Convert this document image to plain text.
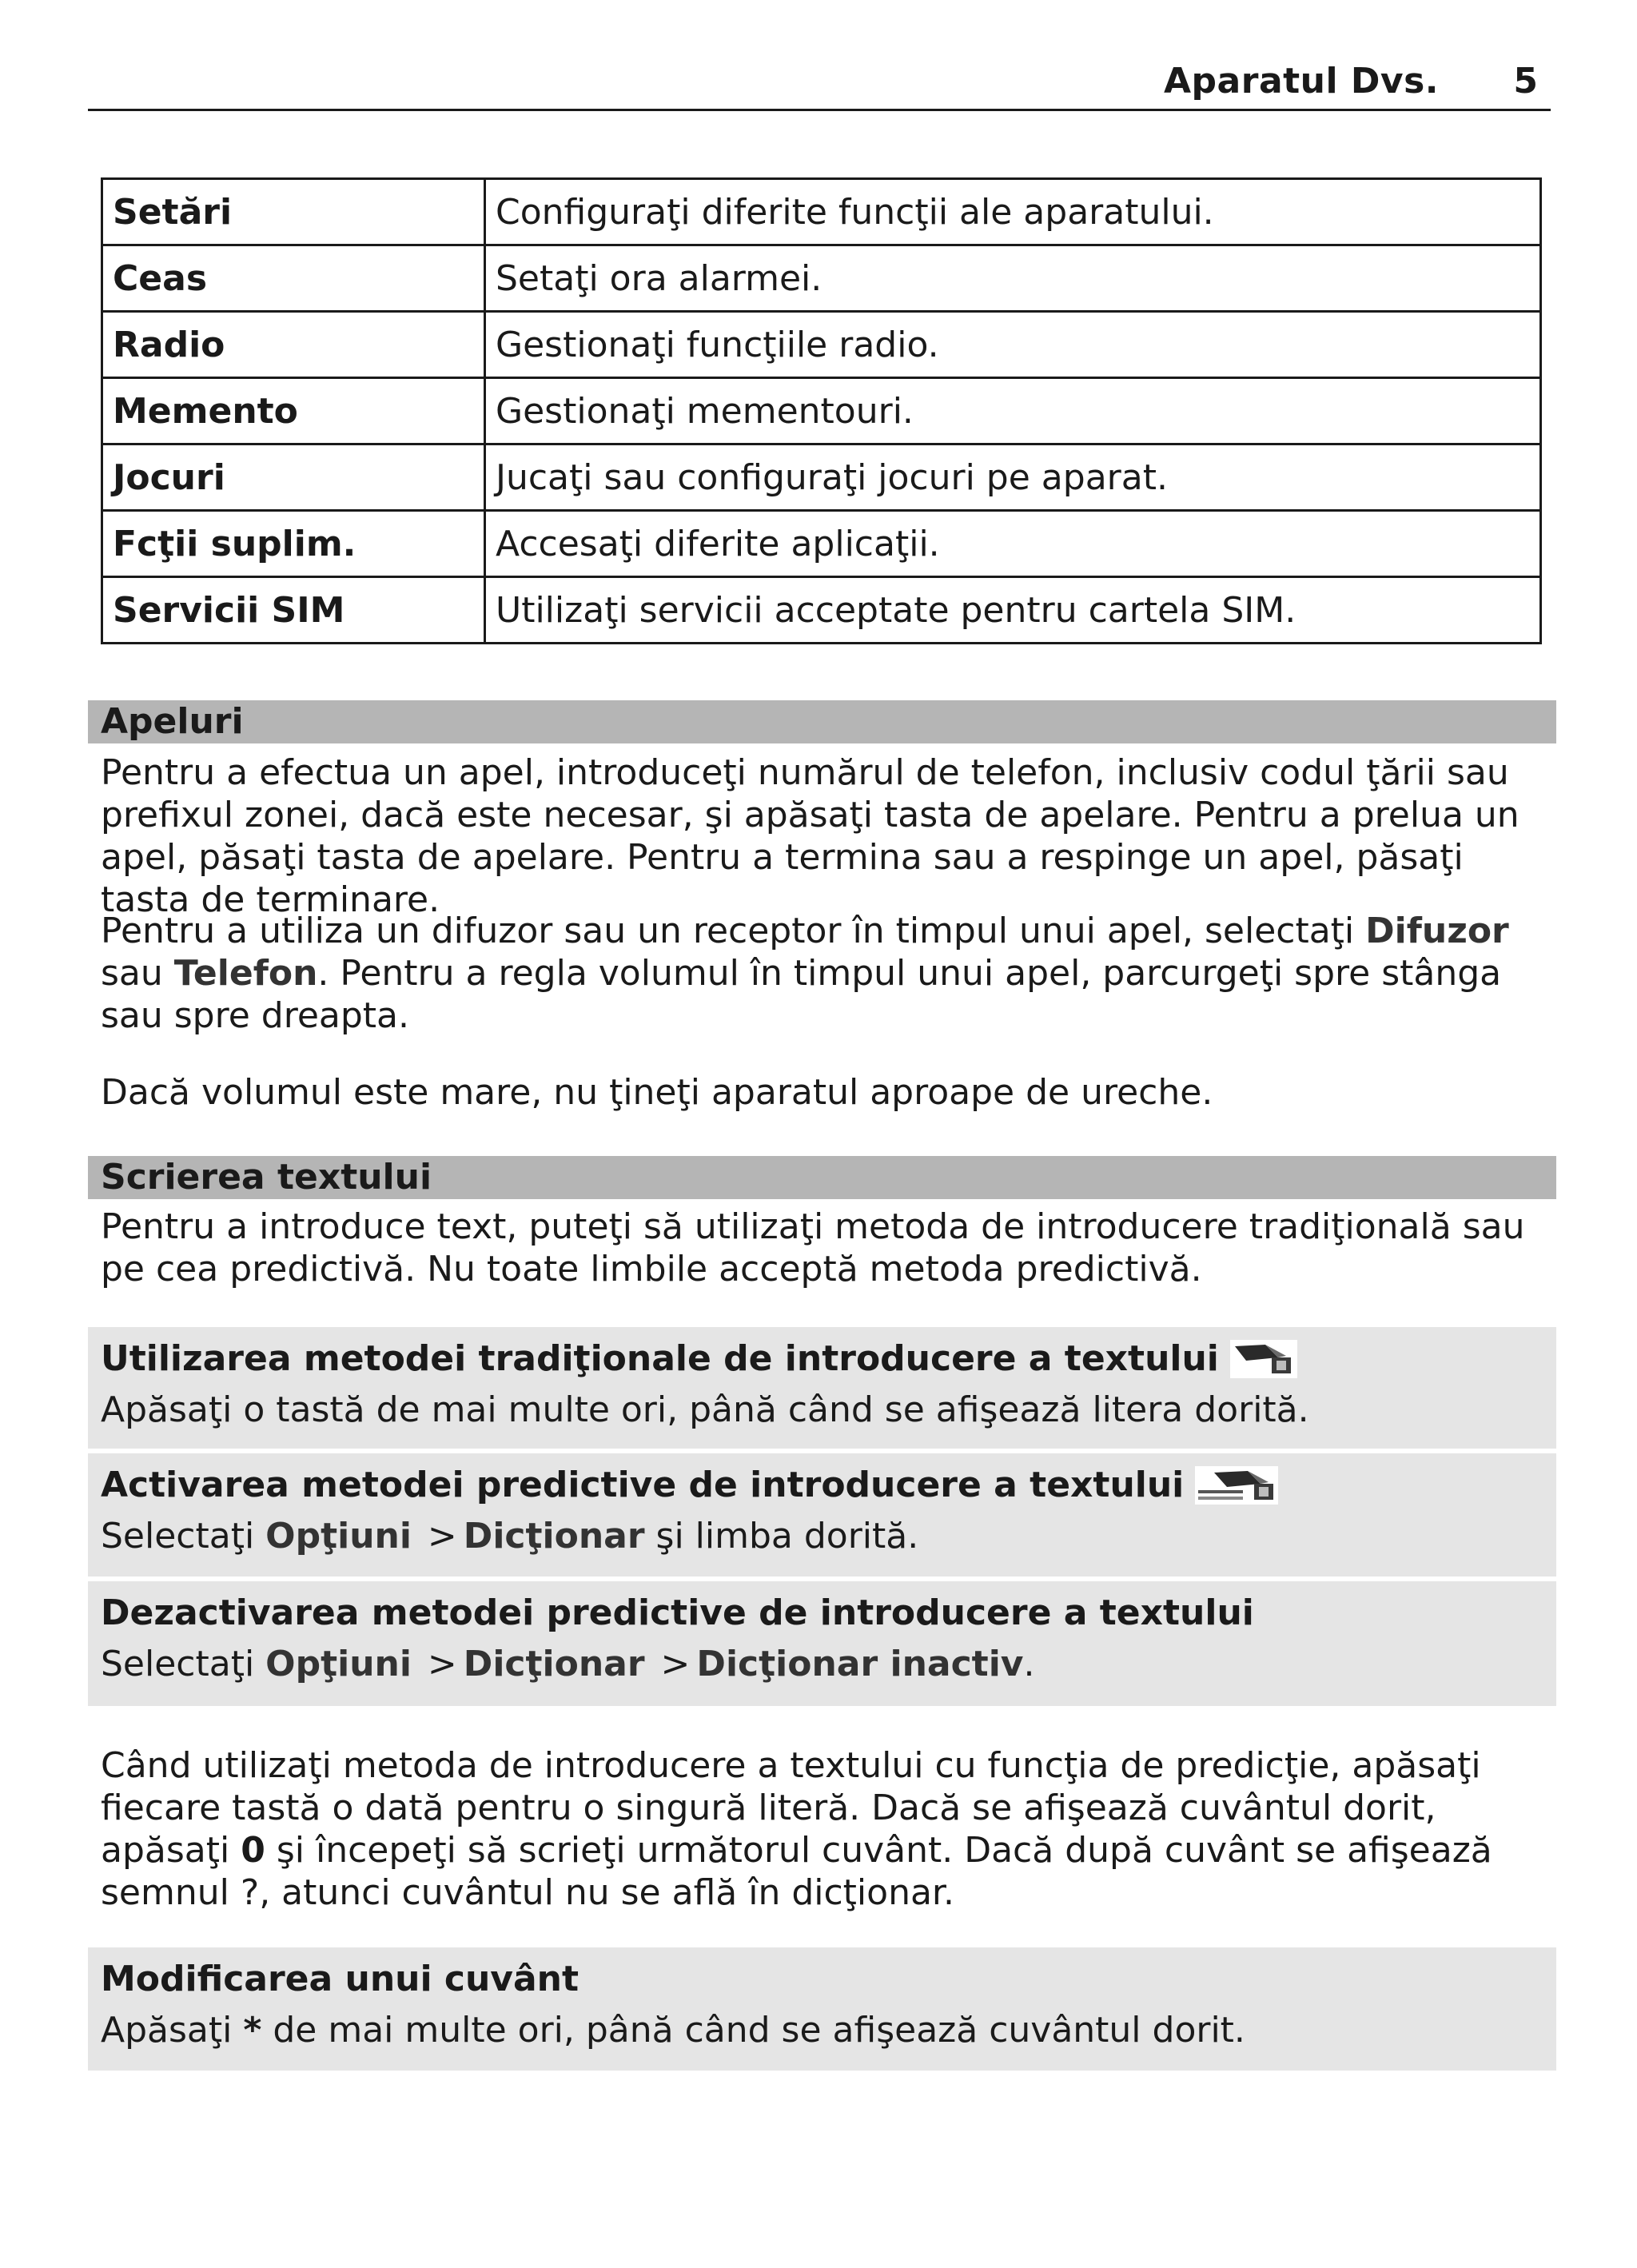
Aparatul Dvs. 5
Setări	Configuraţi diferite funcţii ale aparatului.
Ceas	Setaţi ora alarmei.
Radio	Gestionaţi funcţiile radio.
Memento	Gestionaţi mementouri.
Jocuri	Jucaţi sau configuraţi jocuri pe aparat.
Fcţii suplim.	Accesaţi diferite aplicaţii.
Servicii SIM	Utilizaţi servicii acceptate pentru cartela SIM.
Apeluri

Pentru a efectua un apel, introduceţi numărul de telefon, inclusiv codul ţării sau prefixul zonei, dacă este necesar, şi apăsaţi tasta de apelare. Pentru a prelua un apel, păsaţi tasta de apelare. Pentru a termina sau a respinge un apel, păsaţi tasta de terminare.

Pentru a utiliza un difuzor sau un receptor în timpul unui apel, selectaţi Difuzor sau Telefon. Pentru a regla volumul în timpul unui apel, parcurgeţi spre stânga sau spre dreapta.

Dacă volumul este mare, nu ţineţi aparatul aproape de ureche.

Scrierea textului

Pentru a introduce text, puteţi să utilizaţi metoda de introducere tradiţională sau pe cea predictivă. Nu toate limbile acceptă metoda predictivă.

Utilizarea metodei tradiţionale de introducere a textului
Apăsaţi o tastă de mai multe ori, până când se afişează litera dorită.
Activarea metodei predictive de introducere a textului
Selectaţi Opţiuni > Dicţionar şi limba dorită.
Dezactivarea metodei predictive de introducere a textului
Selectaţi Opţiuni > Dicţionar > Dicţionar inactiv.

Când utilizaţi metoda de introducere a textului cu funcţia de predicţie, apăsaţi fiecare tastă o dată pentru o singură literă. Dacă se afişează cuvântul dorit, apăsaţi 0 şi începeţi să scrieţi următorul cuvânt. Dacă după cuvânt se afişează semnul ?, atunci cuvântul nu se află în dicţionar.

Modificarea unui cuvânt
Apăsaţi * de mai multe ori, până când se afişează cuvântul dorit.
